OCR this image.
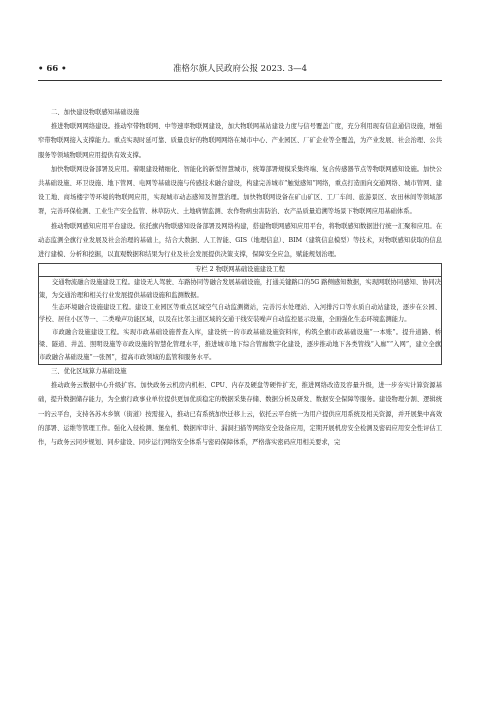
• 66 •	准格尔旗人民政府公报 2023. 3—4
二、加快建设物联感知基础设施

推进物联网网络建设。推动窄带物联网、中等速率物联网建设，加大物联网基站建设力度与信号覆盖广度，充分利用现有信息通信设施，增强窄带物联网接入支撑能力。重点实现时延可靠、质量良好的物联网网络在城市中心、产业园区、厂矿企业等全覆盖，为产业发展、社会治理、公共服务等领域物联网应用提供有效支撑。

加快物联网设备部署及应用。着眼建设精细化、智能化的新型智慧城市，统筹部署规模采集终端、复合传感器节点等物联网感知设施。加快公共基础设施、环卫设施、地下管网、电网等基础设施与传感技术融合建设，构建完善城市“触觉感知”网络，重点打造面向交通网络、城市管网、建设工地、商场楼宇等环境的物联网应用，实现城市动态感知及智慧治理。加快物联网设备在矿山矿区、工厂车间、旅游景区、农田林间等领域部署，完善环保检测、工业生产安全监管、林草防火、土地病情监测、农作物病虫害防治、农产品质量追溯等场景下物联网应用基础体系。

推动物联网感知应用平台建设。依托旗内物联感知设备部署及网络构建，搭建物联网感知应用平台，将物联感知数据进行统一汇聚和应用。在动态监测全旗行业发展及社会治理的基础上，结合大数据、人工智能、GIS（地理信息）、BIM（建筑信息模型）等技术，对物联感知获取的信息进行建模、分析和挖掘，以直观数据和结果为行业及社会发展提供决策支撑，保障安全应急，赋能规划治理。

专栏 2 物联网基础设施建设工程

交通物流融合设施建设工程。建设无人驾驶、车路协同等融合发展基础设施，打通关键路口的5G 路侧感知数据，实现网联协同感知、协同决策，为交通治理和相关行业发展提供基础设施和监测数据。

生态环境融合设施建设工程。建设工业园区等重点区域空气自动监测微站，完善污水处理站、入河排污口等水质自动站建设，逐步在公园、学校、居住小区等一、二类噪声功能区域，以及在比邻主道区域的交通干线安装噪声自动监控显示设施，全面强化生态环境监测能力。

市政融合设施建设工程。实现市政基础设施普查入库，建设统一的市政基础设施资料库，构筑全旗市政基础设施“一本账”。提升道路、桥梁、隧道、井盖、照明设施等市政设施的智慧化管理水平，推进城市地下综合管廊数字化建设，逐步推动地下各类管线“入廊”“入网”，建立全旗市政融合基础设施“一张图”，提高市政领域的监管和服务水平。

三、优化区域算力基础设施

推动政务云数据中心升级扩容。加快政务云机房内机柜、CPU、内存及硬盘等硬件扩充，推进网络改造及容量升级，进一步夯实计算资源基础，提升数据储存能力，为全旗行政事业单位提供更加优质稳定的数据采集存储、数据分析及研发、数据安全保障等服务。建设物理分割、逻辑统一的云平台，支持各苏木乡镇（街道）按需接入，推动已有系统加快迁移上云，依托云平台统一为用户提供应用系统及相关资源，并开展集中高效的部署、运维等管理工作。强化入侵检测、堡垒机、数据库审计、漏洞扫描等网络安全设备应用，定期开展机房安全检测及密码应用安全性评估工作，与政务云同步规划、同步建设、同步运行网络安全体系与密码保障体系，严格落实密码应用相关要求，完
